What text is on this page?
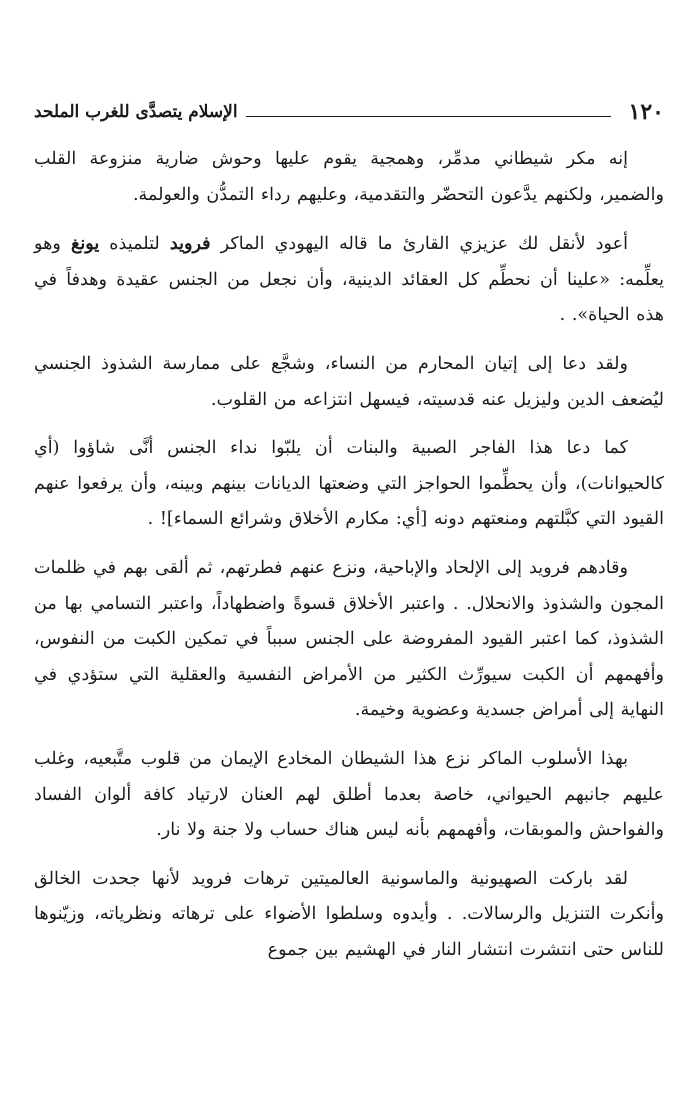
١٢٠
الإسلام يتصدَّى للغرب الملحد

إنه مكر شيطاني مدمِّر، وهمجية يقوم عليها وحوش ضارية منزوعة القلب والضمير، ولكنهم يدَّعون التحضّر والتقدمية، وعليهم رداء التمدُّن والعولمة.

أعود لأنقل لك عزيزي القارئ ما قاله اليهودي الماكر فرويد لتلميذه يونغ وهو يعلِّمه: «علينا أن نحطِّم كل العقائد الدينية، وأن نجعل من الجنس عقيدة وهدفاً في هذه الحياة». .

ولقد دعا إلى إتيان المحارم من النساء، وشجَّع على ممارسة الشذوذ الجنسي ليُضعف الدين وليزيل عنه قدسيته، فيسهل انتزاعه من القلوب.

كما دعا هذا الفاجر الصبية والبنات أن يلبّوا نداء الجنس أنَّى شاؤوا (أي كالحيوانات)، وأن يحطِّموا الحواجز التي وضعتها الديانات بينهم وبينه، وأن يرفعوا عنهم القيود التي كبَّلتهم ومنعتهم دونه [أي: مكارم الأخلاق وشرائع السماء]! .

وقادهم فرويد إلى الإلحاد والإباحية، ونزع عنهم فطرتهم، ثم ألقى بهم في ظلمات المجون والشذوذ والانحلال. . واعتبر الأخلاق قسوةً واضطهاداً، واعتبر التسامي بها من الشذوذ، كما اعتبر القيود المفروضة على الجنس سبباً في تمكين الكبت من النفوس، وأفهمهم أن الكبت سيورِّث الكثير من الأمراض النفسية والعقلية التي ستؤدي في النهاية إلى أمراض جسدية وعضوية وخيمة.

بهذا الأسلوب الماكر نزع هذا الشيطان المخادع الإيمان من قلوب متَّبعيه، وغلب عليهم جانبهم الحيواني، خاصة بعدما أطلق لهم العنان لارتياد كافة ألوان الفساد والفواحش والموبقات، وأفهمهم بأنه ليس هناك حساب ولا جنة ولا نار.

لقد باركت الصهيونية والماسونية العالميتين ترهات فرويد لأنها جحدت الخالق وأنكرت التنزيل والرسالات. . وأيدوه وسلطوا الأضواء على ترهاته ونظرياته، وزيّنوها للناس حتى انتشرت انتشار النار في الهشيم بين جموع
